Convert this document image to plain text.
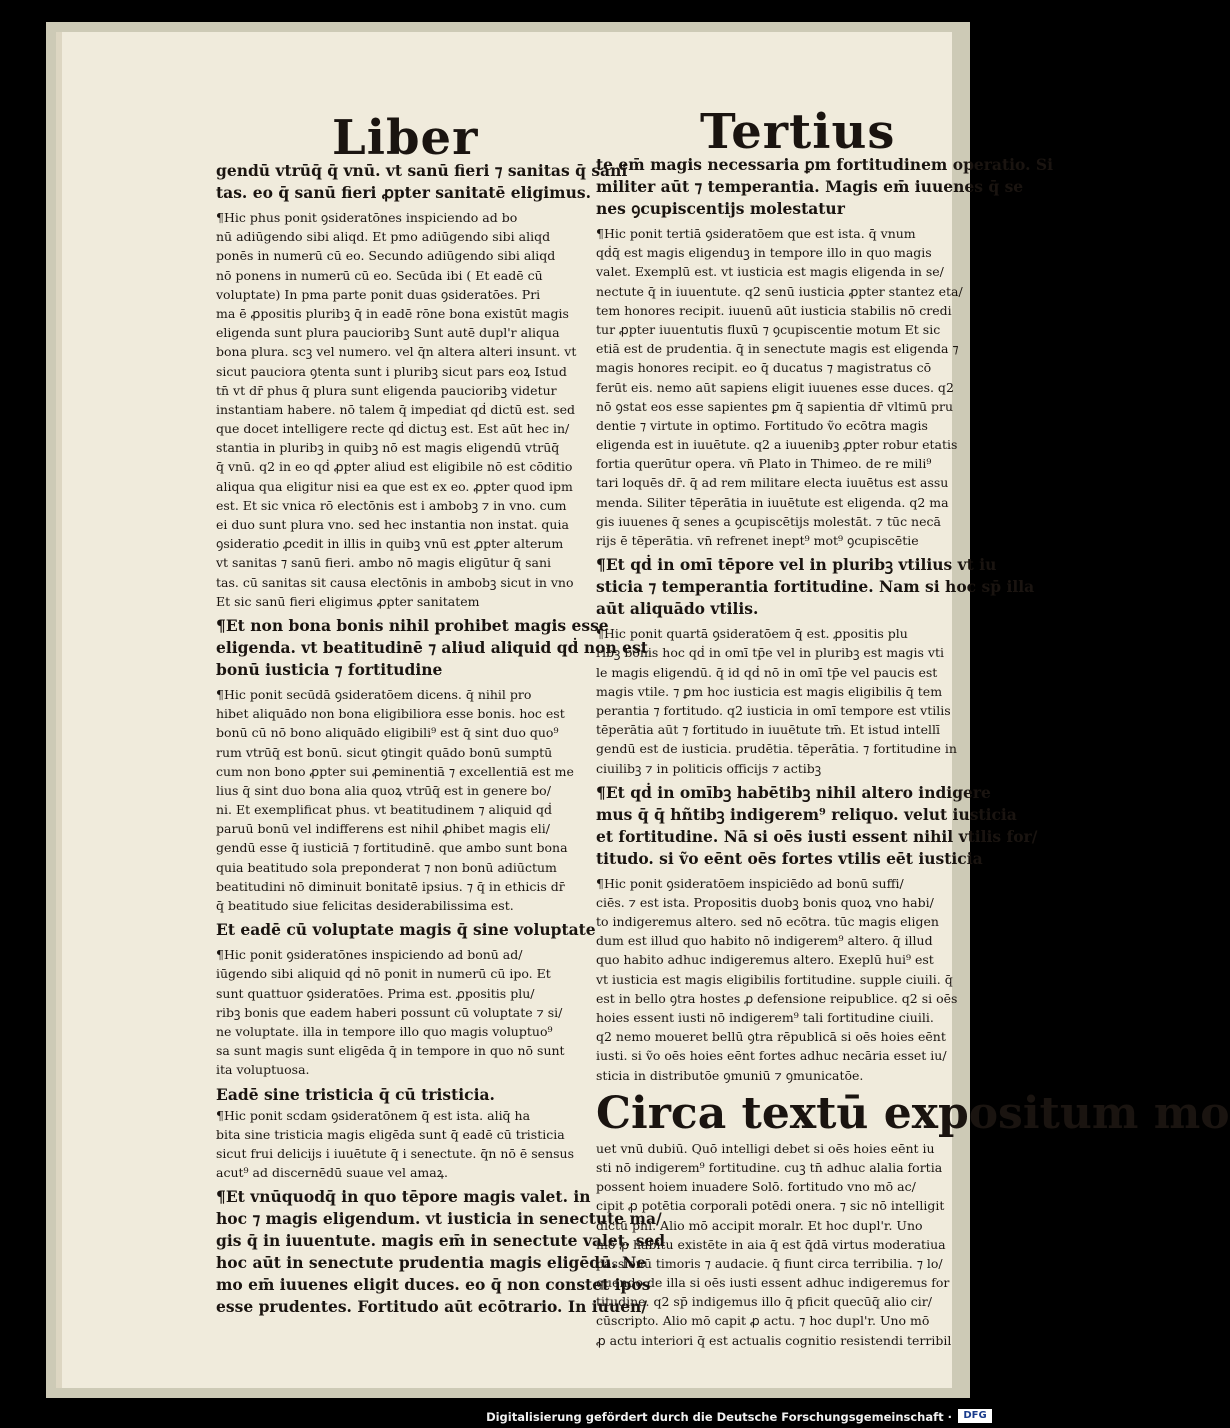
Liber	Tertius
gendū vtrūq̄ q̄ vnū. vt sanū fieri ⁊ sanitas q̄ sani
tas. eo q̄ sanū fieri ꝓpter sanitatē eligimus.
¶Hic phus ponit ꝯsideratōnes inspiciendo ad bo
nū adiūgendo sibi aliqd. Et pmo adiūgendo sibi aliqd
ponēs in numerū cū eo. Secundo adiūgendo sibi aliqd
nō ponens in numerū cū eo. Secūda ibi ( Et eadē cū
voluptate) In pma parte ponit duas ꝯsideratōes. Pri
ma ē ꝓpositis pluribꝫ q̄ in eadē rōne bona existūt magis
eligenda sunt plura paucioribꝫ Sunt autē dupl'r aliqua
bona plura. scꝫ vel numero. vel q̄n altera alteri insunt. vt
sicut pauciora ꝯtenta sunt i pluribꝫ sicut pars eoꝝ Istud
tn̄ vt dr̄ phus q̄ plura sunt eligenda paucioribꝫ videtur
instantiam habere. nō talem q̄ impediat qḋ dictū est. sed
que docet intelligere recte qḋ dictuꝫ est. Est aūt hec in/
stantia in pluribꝫ in quibꝫ nō est magis eligendū vtrūq̄
q̄ vnū. q2 in eo qḋ ꝓpter aliud est eligibile nō est cōditio
aliqua qua eligitur nisi ea que est ex eo. ꝓpter quod ipm
est. Et sic vnica rō electōnis est i ambobꝫ ⁊ in vno. cum
ei duo sunt plura vno. sed hec instantia non instat. quia
ꝯsideratio ꝓcedit in illis in quibꝫ vnū est ꝓpter alterum
vt sanitas ⁊ sanū fieri. ambo nō magis eligūtur q̄ sani
tas. cū sanitas sit causa electōnis in ambobꝫ sicut in vno
Et sic sanū fieri eligimus ꝓpter sanitatem
¶Et non bona bonis nihil prohibet magis esse
eligenda. vt beatitudinē ⁊ aliud aliquid qḋ non est
bonū iusticia ⁊ fortitudine
¶Hic ponit secūdā ꝯsideratōem dicens. q̄ nihil pro
hibet aliquādo non bona eligibiliora esse bonis. hoc est
bonū cū nō bono aliquādo eligibili⁹ est q̄ sint duo quo⁹
rum vtrūq̄ est bonū. sicut ꝯtingit quādo bonū sumptū
cum non bono ꝓpter sui ꝓeminentiā ⁊ excellentiā est me
lius q̄ sint duo bona alia quoꝝ vtrūq̄ est in genere bo/
ni. Et exemplificat phus. vt beatitudinem ⁊ aliquid qḋ
paruū bonū vel indifferens est nihil ꝓhibet magis eli/
gendū esse q̄ iusticiā ⁊ fortitudinē. que ambo sunt bona
quia beatitudo sola preponderat ⁊ non bonū adiūctum
beatitudini nō diminuit bonitatē ipsius. ⁊ q̄ in ethicis dr̄
q̄ beatitudo siue felicitas desiderabilissima est.
Et eadē cū voluptate magis q̄ sine voluptate
¶Hic ponit ꝯsideratōnes inspiciendo ad bonū ad/
iūgendo sibi aliquid qḋ nō ponit in numerū cū ipo. Et
sunt quattuor ꝯsideratōes. Prima est. ꝓpositis plu/
ribꝫ bonis que eadem haberi possunt cū voluptate ⁊ si/
ne voluptate. illa in tempore illo quo magis voluptuo⁹
sa sunt magis sunt eligēda q̄ in tempore in quo nō sunt
ita voluptuosa.
Eadē sine tristicia q̄ cū tristicia.
¶Hic ponit scdam ꝯsideratōnem q̄ est ista. aliq̄ ha
bita sine tristicia magis eligēda sunt q̄ eadē cū tristicia
sicut frui delicijs i iuuētute q̄ i senectute. q̄n nō ē sensus
acut⁹ ad discernēdū suaue vel amaꝝ.
¶Et vnūquodq̄ in quo tēpore magis valet. in
hoc ⁊ magis eligendum. vt iusticia in senectute ma/
gis q̄ in iuuentute. magis em̄ in senectute valet. sed
hoc aūt in senectute prudentia magis eligēdū. Ne
mo em̄ iuuenes eligit duces. eo q̄ non constet ipos
esse prudentes. Fortitudo aūt ecōtrario. In iuuen/
te em̄ magis necessaria ꝑm fortitudinem operatio. Si
militer aūt ⁊ temperantia. Magis em̄ iuuenes q̄ se
nes ꝯcupiscentijs molestatur
¶Hic ponit tertiā ꝯsideratōem que est ista. q̄ vnum
qḋq̄ est magis eligenduꝫ in tempore illo in quo magis
valet. Exemplū est. vt iusticia est magis eligenda in se/
nectute q̄ in iuuentute. q2 senū iusticia ꝓpter stantez eta/
tem honores recipit. iuuenū aūt iusticia stabilis nō credi
tur ꝓpter iuuentutis fluxū ⁊ ꝯcupiscentie motum Et sic
etiā est de prudentia. q̄ in senectute magis est eligenda ⁊
magis honores recipit. eo q̄ ducatus ⁊ magistratus cō
ferūt eis. nemo aūt sapiens eligit iuuenes esse duces. q2
nō ꝯstat eos esse sapientes ꝑm q̄ sapientia dr̄ vltimū pru
dentie ⁊ virtute in optimo. Fortitudo ṽo ecōtra magis
eligenda est in iuuētute. q2 a iuuenibꝫ ꝓpter robur etatis
fortia querūtur opera. vn̄ Plato in Thimeo. de re mili⁹
tari loquēs dr̄. q̄ ad rem militare electa iuuētus est assu
menda. Siliter tēperātia in iuuētute est eligenda. q2 ma
gis iuuenes q̄ senes a ꝯcupiscētijs molestāt. ⁊ tūc necā
rijs ē tēperātia. vn̄ refrenet inept⁹ mot⁹ ꝯcupiscētie
¶Et qḋ in omī tēpore vel in pluribꝫ vtilius vt iu
sticia ⁊ temperantia fortitudine. Nam si hoc sp̄ illa
aūt aliquādo vtilis.
¶Hic ponit quartā ꝯsideratōem q̄ est. ꝓpositis plu
ribꝫ bonis hoc qḋ in omī tp̄e vel in pluribꝫ est magis vti
le magis eligendū. q̄ id qḋ nō in omī tp̄e vel paucis est
magis vtile. ⁊ ꝑm hoc iusticia est magis eligibilis q̄ tem
perantia ⁊ fortitudo. q2 iusticia in omī tempore est vtilis
tēperātia aūt ⁊ fortitudo in iuuētute tm̄. Et istud intellī
gendū est de iusticia. prudētia. tēperātia. ⁊ fortitudine in
ciuilibꝫ ⁊ in politicis officijs ⁊ actibꝫ
¶Et qḋ in omībꝫ habētibꝫ nihil altero indigere
mus q̄ q̄ hñtibꝫ indigerem⁹ reliquo. velut iusticia
et fortitudine. Nā si oēs iusti essent nihil vtilis for/
titudo. si ṽo eēnt oēs fortes vtilis eēt iusticia
¶Hic ponit ꝯsideratōem inspiciēdo ad bonū suffi/
ciēs. ⁊ est ista. Propositis duobꝫ bonis quoꝝ vno habi/
to indigeremus altero. sed nō ecōtra. tūc magis eligen
dum est illud quo habito nō indigerem⁹ altero. q̄ illud
quo habito adhuc indigeremus altero. Exeplū hui⁹ est
vt iusticia est magis eligibilis fortitudine. supple ciuili. q̄
est in bello ꝯtra hostes ꝓ defensione reipublice. q2 si oēs
hoies essent iusti nō indigerem⁹ tali fortitudine ciuili.
q2 nemo moueret bellū ꝯtra rēpublicā si oēs hoies eēnt
iusti. si ṽo oēs hoies eēnt fortes adhuc necāria esset iu/
sticia in distributōe ꝯmuniū ⁊ ꝯmunicatōe.
Circa textū expositum mo
uet vnū dubiū. Quō intelligi debet si oēs hoies eēnt iu
sti nō indigerem⁹ fortitudine. cuꝫ tn̄ adhuc alalia fortia
possent hoiem inuadere Solō. fortitudo vno mō ac/
cipit ꝓ potētia corporali potēdi onera. ⁊ sic nō intelligit
dictū phi. Alio mō accipit moralr. Et hoc dupl'r. Uno
mō ꝓ habitu existēte in aia q̄ est q̄dā virtus moderatiua
passionū timoris ⁊ audacie. q̄ fiunt circa terribilia. ⁊ lo/
quendo de illa si oēs iusti essent adhuc indigeremus for
titudine. q2 sp̄ indigemus illo q̄ pficit quecūq̄ alio cir/
cūscripto. Alio mō capit ꝓ actu. ⁊ hoc dupl'r. Uno mō
ꝓ actu interiori q̄ est actualis cognitio resistendi terribil
Digitalisierung gefördert durch die Deutsche Forschungsgemeinschaft ·	DFG
